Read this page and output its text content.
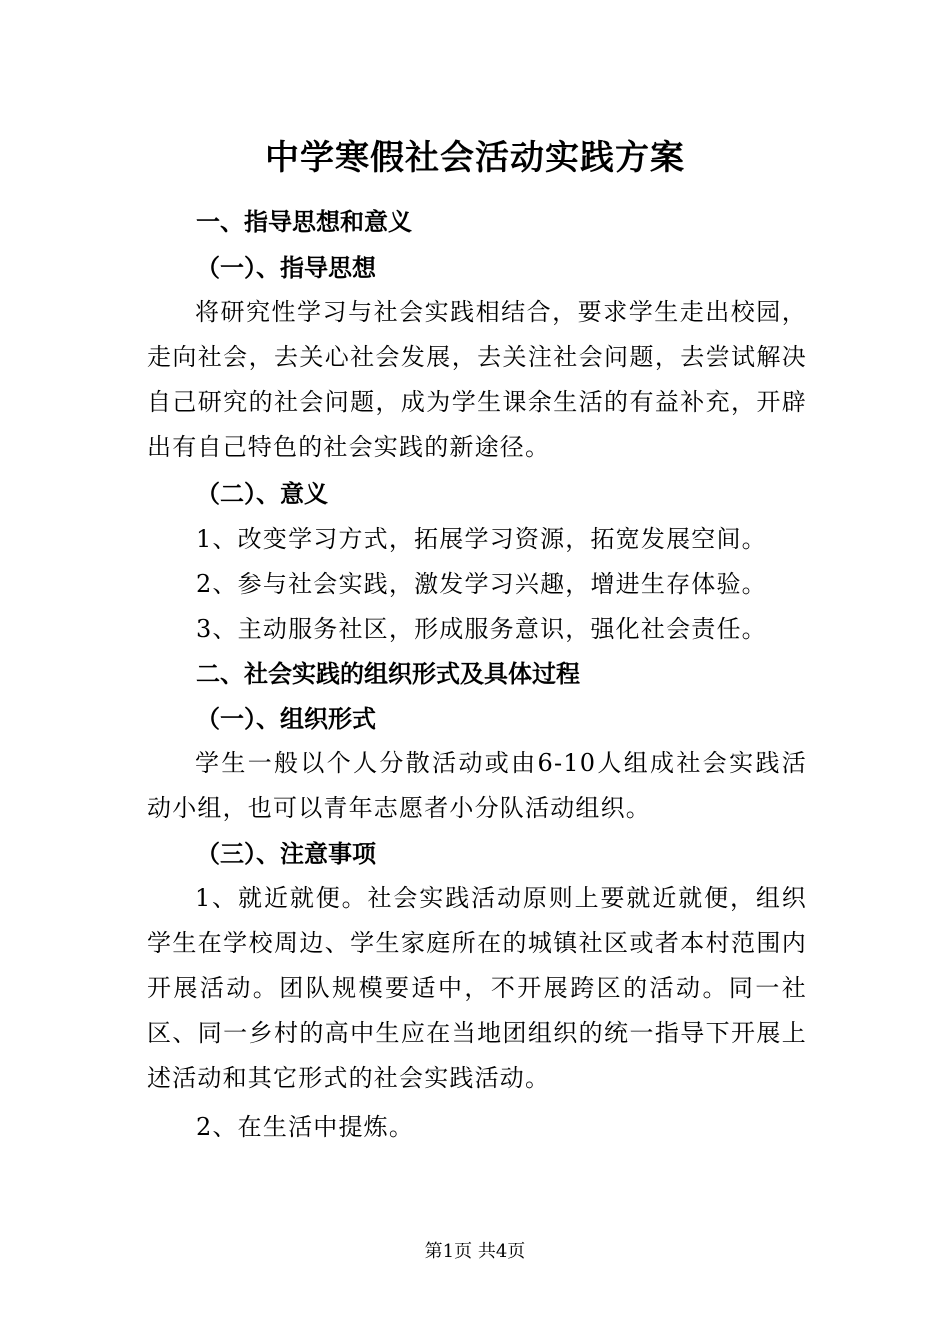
中学寒假社会活动实践方案
一、指导思想和意义
（一）、指导思想

将研究性学习与社会实践相结合，要求学生走出校园，走向社会，去关心社会发展，去关注社会问题，去尝试解决自己研究的社会问题，成为学生课余生活的有益补充，开辟出有自己特色的社会实践的新途径。

（二）、意义
1、改变学习方式，拓展学习资源，拓宽发展空间。
2、参与社会实践，激发学习兴趣，增进生存体验。
3、主动服务社区，形成服务意识，强化社会责任。
二、社会实践的组织形式及具体过程
（一）、组织形式

学生一般以个人分散活动或由6-10人组成社会实践活动小组，也可以青年志愿者小分队活动组织。

（三）、注意事项

1、就近就便。社会实践活动原则上要就近就便，组织学生在学校周边、学生家庭所在的城镇社区或者本村范围内开展活动。团队规模要适中，不开展跨区的活动。同一社区、同一乡村的高中生应在当地团组织的统一指导下开展上述活动和其它形式的社会实践活动。

2、在生活中提炼。
第1页 共4页
